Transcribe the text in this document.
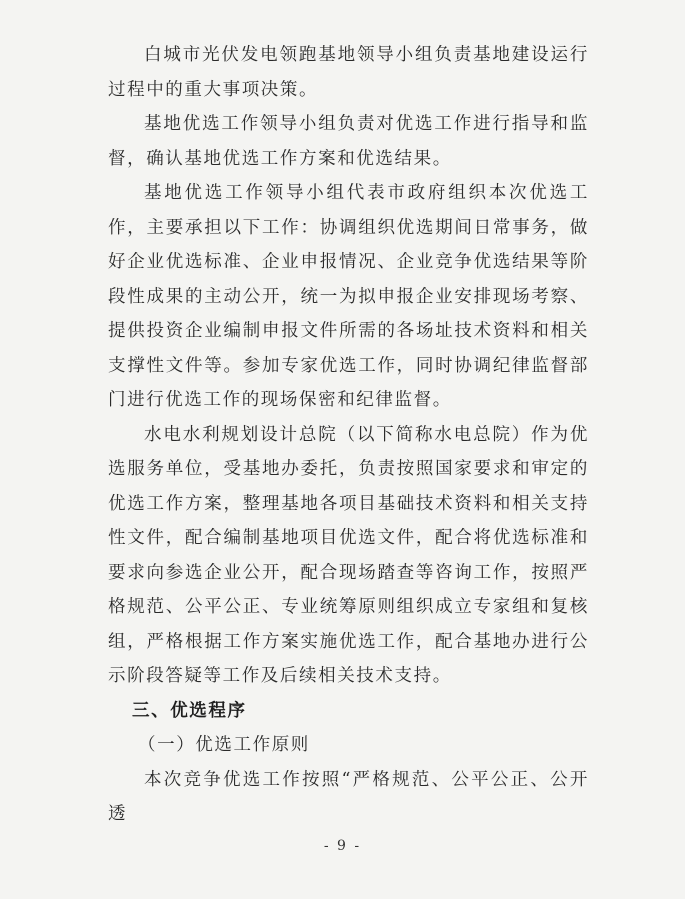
白城市光伏发电领跑基地领导小组负责基地建设运行过程中的重大事项决策。

基地优选工作领导小组负责对优选工作进行指导和监督，确认基地优选工作方案和优选结果。

基地优选工作领导小组代表市政府组织本次优选工作，主要承担以下工作：协调组织优选期间日常事务，做好企业优选标准、企业申报情况、企业竞争优选结果等阶段性成果的主动公开，统一为拟申报企业安排现场考察、提供投资企业编制申报文件所需的各场址技术资料和相关支撑性文件等。参加专家优选工作，同时协调纪律监督部门进行优选工作的现场保密和纪律监督。

水电水利规划设计总院（以下简称水电总院）作为优选服务单位，受基地办委托，负责按照国家要求和审定的优选工作方案，整理基地各项目基础技术资料和相关支持性文件，配合编制基地项目优选文件，配合将优选标准和要求向参选企业公开，配合现场踏查等咨询工作，按照严格规范、公平公正、专业统筹原则组织成立专家组和复核组，严格根据工作方案实施优选工作，配合基地办进行公示阶段答疑等工作及后续相关技术支持。

三、优选程序

（一）优选工作原则

本次竞争优选工作按照“严格规范、公平公正、公开透

- 9 -
